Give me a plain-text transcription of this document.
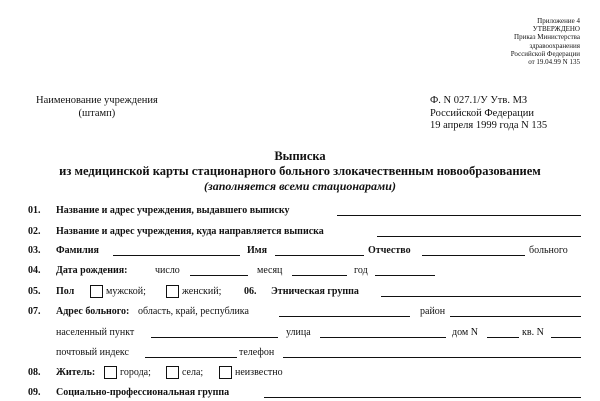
Приложение 4
УТВЕРЖДЕНО
Приказ Министерства
здравоохранения
Российской Федерации
от 19.04.99 N 135
Наименование учреждения
(штамп)
Ф. N 027.1/У Утв. МЗ
Российской Федерации
19 апреля 1999 года N 135
Выписка
из медицинской карты стационарного больного злокачественным новообразованием
(заполняется всеми стационарами)
01. Название и адрес учреждения, выдавшего выписку
02. Название и адрес учреждения, куда направляется выписка
03. Фамилия	Имя	Отчество	больного
04. Дата рождения:	число	месяц	год
05. Пол	мужской;	женский; 06. Этническая группа
07. Адрес больного: область, край, республика	район
населенный пункт	улица	дом N	кв. N
почтовый индекс	телефон
08. Житель: города;	села;	неизвестно
09. Социально-профессиональная группа
